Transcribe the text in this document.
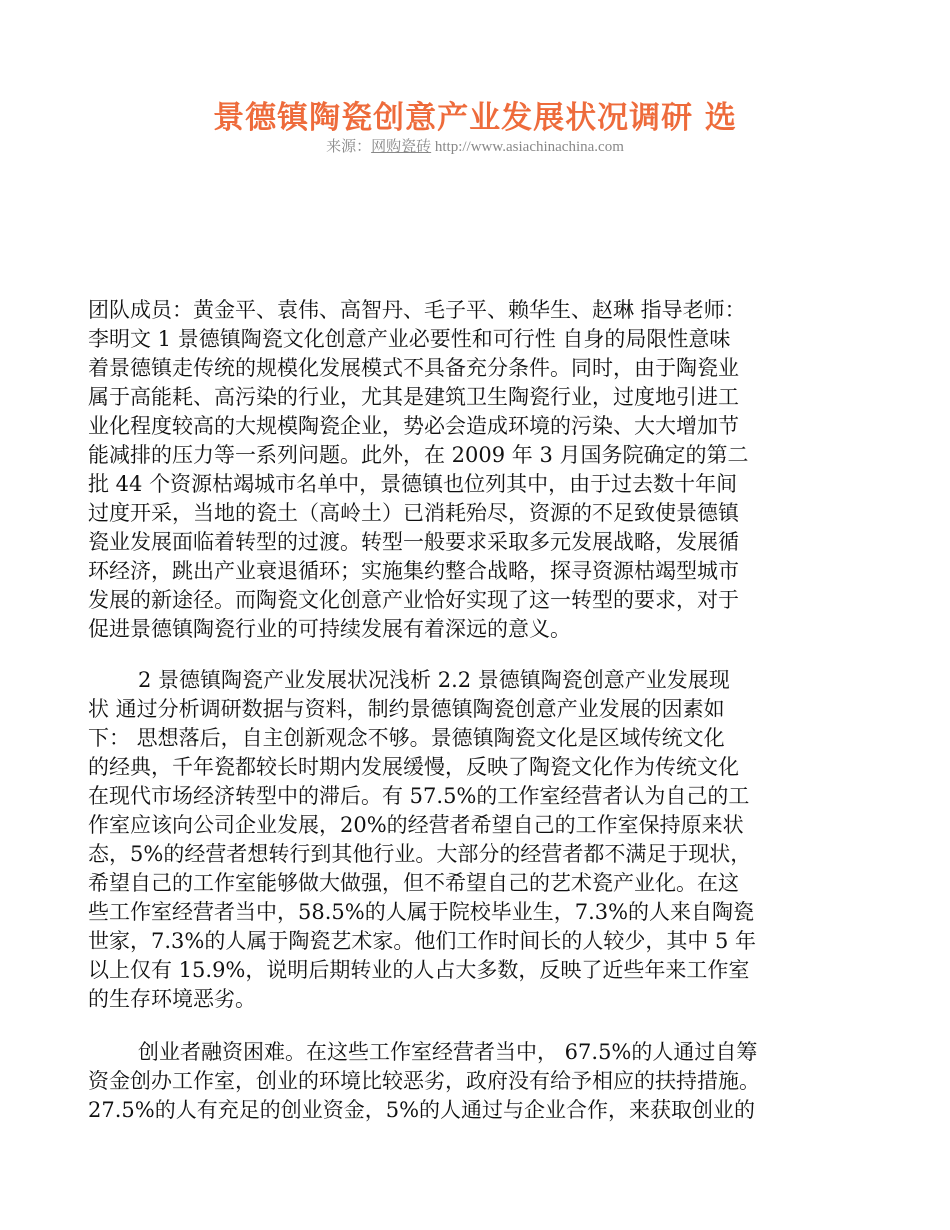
景德镇陶瓷创意产业发展状况调研 选
来源：网购瓷砖 http://www.asiachinachina.com
团队成员：黄金平、袁伟、高智丹、毛子平、赖华生、赵琳 指导老师：
李明文 1 景德镇陶瓷文化创意产业必要性和可行性 自身的局限性意味
着景德镇走传统的规模化发展模式不具备充分条件。同时，由于陶瓷业
属于高能耗、高污染的行业，尤其是建筑卫生陶瓷行业，过度地引进工
业化程度较高的大规模陶瓷企业，势必会造成环境的污染、大大增加节
能减排的压力等一系列问题。此外，在 2009 年 3 月国务院确定的第二
批 44 个资源枯竭城市名单中，景德镇也位列其中，由于过去数十年间
过度开采，当地的瓷土（高岭土）已消耗殆尽，资源的不足致使景德镇
瓷业发展面临着转型的过渡。转型一般要求采取多元发展战略，发展循
环经济，跳出产业衰退循环；实施集约整合战略，探寻资源枯竭型城市
发展的新途径。而陶瓷文化创意产业恰好实现了这一转型的要求，对于
促进景德镇陶瓷行业的可持续发展有着深远的意义。
2 景德镇陶瓷产业发展状况浅析 2.2 景德镇陶瓷创意产业发展现
状 通过分析调研数据与资料，制约景德镇陶瓷创意产业发展的因素如
下： 思想落后，自主创新观念不够。景德镇陶瓷文化是区域传统文化
的经典，千年瓷都较长时期内发展缓慢，反映了陶瓷文化作为传统文化
在现代市场经济转型中的滞后。有 57.5%的工作室经营者认为自己的工
作室应该向公司企业发展，20%的经营者希望自己的工作室保持原来状
态，5%的经营者想转行到其他行业。大部分的经营者都不满足于现状，
希望自己的工作室能够做大做强，但不希望自己的艺术瓷产业化。在这
些工作室经营者当中，58.5%的人属于院校毕业生，7.3%的人来自陶瓷
世家，7.3%的人属于陶瓷艺术家。他们工作时间长的人较少，其中 5 年
以上仅有 15.9%，说明后期转业的人占大多数，反映了近些年来工作室
的生存环境恶劣。
创业者融资困难。在这些工作室经营者当中， 67.5%的人通过自筹
资金创办工作室，创业的环境比较恶劣，政府没有给予相应的扶持措施。
27.5%的人有充足的创业资金，5%的人通过与企业合作，来获取创业的
